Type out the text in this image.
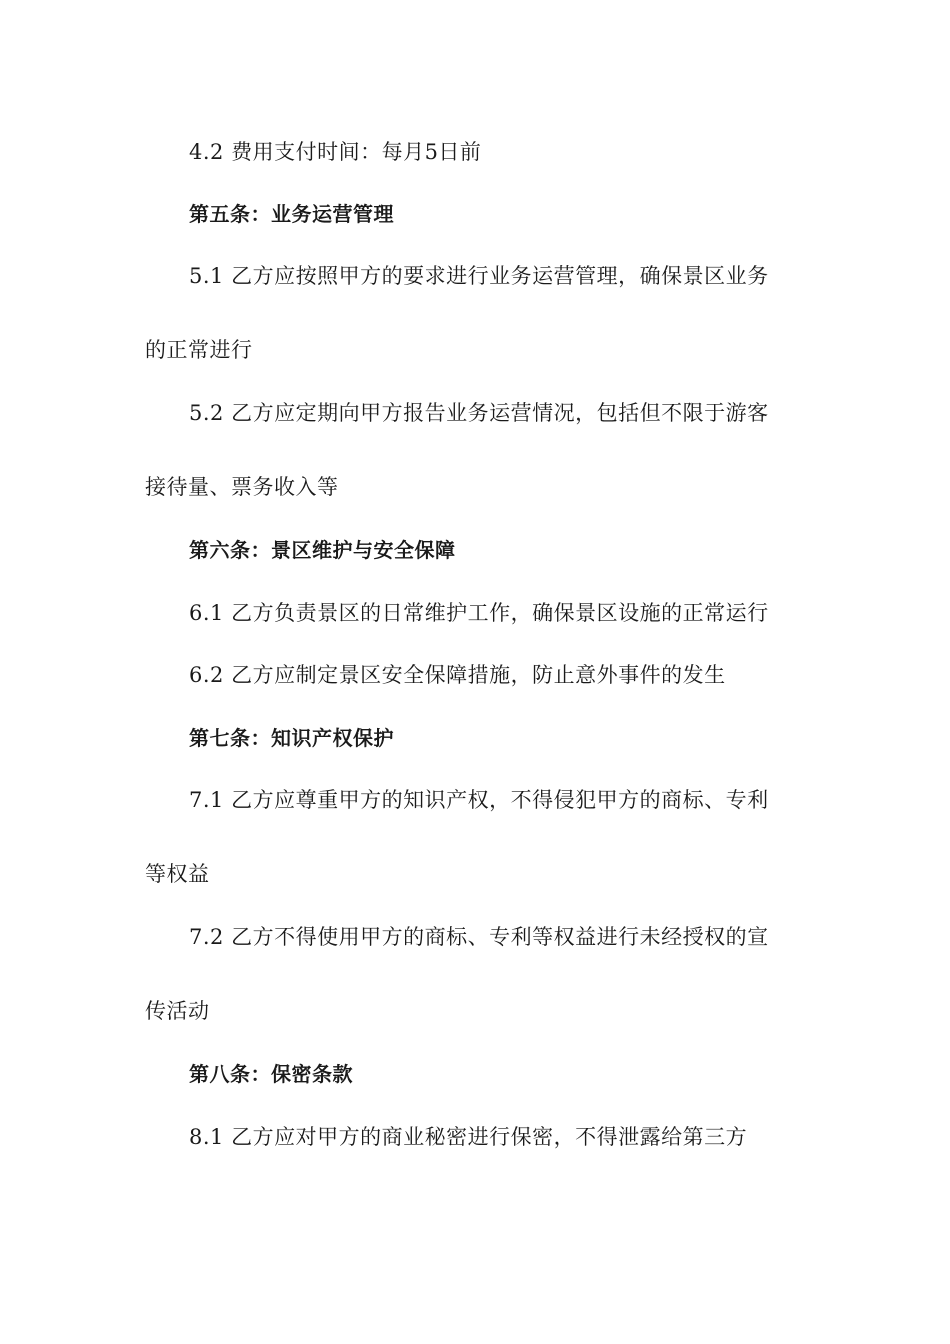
4.2 费用支付时间：每月5日前
第五条：业务运营管理
5.1 乙方应按照甲方的要求进行业务运营管理，确保景区业务
的正常进行
5.2 乙方应定期向甲方报告业务运营情况，包括但不限于游客
接待量、票务收入等
第六条：景区维护与安全保障
6.1 乙方负责景区的日常维护工作，确保景区设施的正常运行
6.2 乙方应制定景区安全保障措施，防止意外事件的发生
第七条：知识产权保护
7.1 乙方应尊重甲方的知识产权，不得侵犯甲方的商标、专利
等权益
7.2 乙方不得使用甲方的商标、专利等权益进行未经授权的宣
传活动
第八条：保密条款
8.1 乙方应对甲方的商业秘密进行保密，不得泄露给第三方
